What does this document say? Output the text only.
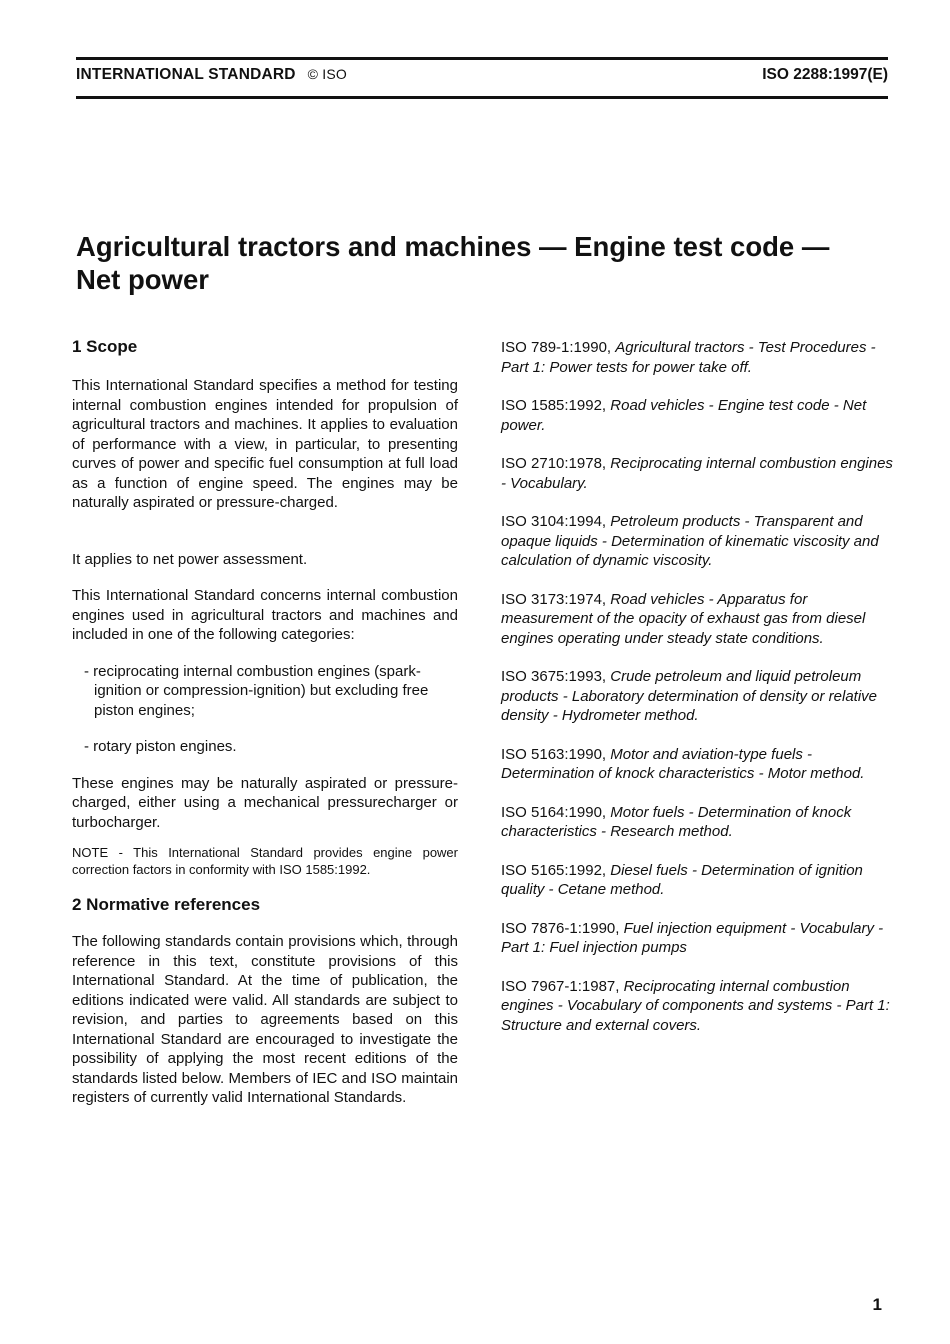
INTERNATIONAL STANDARD © ISO	ISO 2288:1997(E)
Agricultural tractors and machines — Engine test code —
Net power
1 Scope

This International Standard specifies a method for testing internal combustion engines intended for propulsion of agricultural tractors and machines. It applies to evaluation of performance with a view, in particular, to presenting curves of power and specific fuel consumption at full load as a function of engine speed. The engines may be naturally aspirated or pressure-charged.

It applies to net power assessment.

This International Standard concerns internal combustion engines used in agricultural tractors and machines and included in one of the following categories:

- reciprocating internal combustion engines (spark-ignition or compression-ignition) but excluding free piston engines;

- rotary piston engines.

These engines may be naturally aspirated or pressure-charged, either using a mechanical pressurecharger or turbocharger.

NOTE - This International Standard provides engine power correction factors in conformity with ISO 1585:1992.

2 Normative references

The following standards contain provisions which, through reference in this text, constitute provisions of this International Standard. At the time of publication, the editions indicated were valid. All standards are subject to revision, and parties to agreements based on this International Standard are encouraged to investigate the possibility of applying the most recent editions of the standards listed below. Members of IEC and ISO maintain registers of currently valid International Standards.

ISO 789-1:1990, Agricultural tractors - Test Procedures - Part 1: Power tests for power take off.

ISO 1585:1992, Road vehicles - Engine test code - Net power.

ISO 2710:1978, Reciprocating internal combustion engines - Vocabulary.

ISO 3104:1994, Petroleum products - Transparent and opaque liquids - Determination of kinematic viscosity and calculation of dynamic viscosity.

ISO 3173:1974, Road vehicles - Apparatus for measurement of the opacity of exhaust gas from diesel engines operating under steady state conditions.

ISO 3675:1993, Crude petroleum and liquid petroleum products - Laboratory determination of density or relative density - Hydrometer method.

ISO 5163:1990, Motor and aviation-type fuels - Determination of knock characteristics - Motor method.

ISO 5164:1990, Motor fuels - Determination of knock characteristics - Research method.

ISO 5165:1992, Diesel fuels - Determination of ignition quality - Cetane method.

ISO 7876-1:1990, Fuel injection equipment - Vocabulary - Part 1: Fuel injection pumps

ISO 7967-1:1987, Reciprocating internal combustion engines - Vocabulary of components and systems - Part 1: Structure and external covers.

1
